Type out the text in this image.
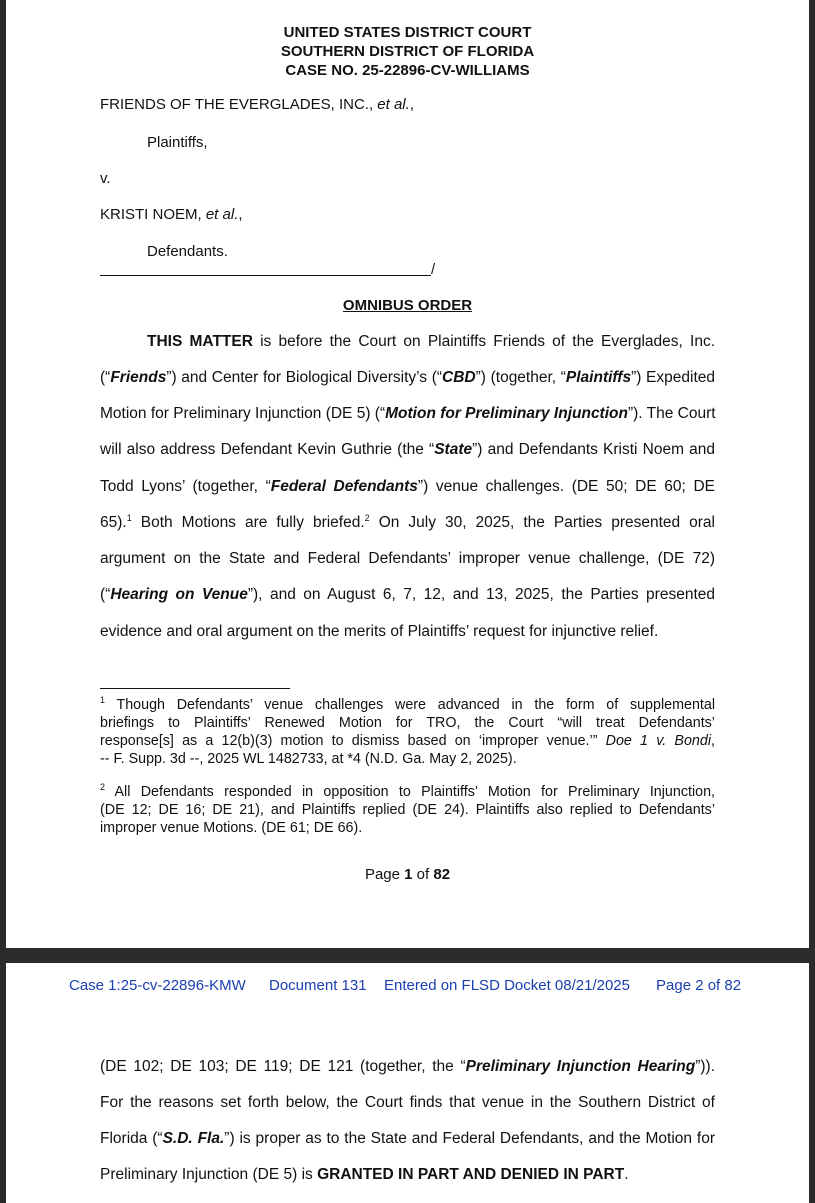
UNITED STATES DISTRICT COURT
SOUTHERN DISTRICT OF FLORIDA
CASE NO. 25-22896-CV-WILLIAMS
FRIENDS OF THE EVERGLADES, INC., et al.,
Plaintiffs,
v.
KRISTI NOEM, et al.,
Defendants.
/
OMNIBUS ORDER
THIS MATTER is before the Court on Plaintiffs Friends of the Everglades, Inc.
(“Friends”) and Center for Biological Diversity’s (“CBD”) (together, “Plaintiffs”) Expedited
Motion for Preliminary Injunction (DE 5) (“Motion for Preliminary Injunction”). The Court
will also address Defendant Kevin Guthrie (the “State”) and Defendants Kristi Noem and
Todd Lyons’ (together, “Federal Defendants”) venue challenges. (DE 50; DE 60; DE
65).$^1$ Both Motions are fully briefed.$^2$ On July 30, 2025, the Parties presented oral
argument on the State and Federal Defendants’ improper venue challenge, (DE 72)
(“Hearing on Venue”), and on August 6, 7, 12, and 13, 2025, the Parties presented
evidence and oral argument on the merits of Plaintiffs’ request for injunctive relief.
$^1$ Though Defendants’ venue challenges were advanced in the form of supplemental
briefings to Plaintiffs’ Renewed Motion for TRO, the Court “will treat Defendants’
response[s] as a 12(b)(3) motion to dismiss based on ‘improper venue.’” Doe 1 v. Bondi,
-- F. Supp. 3d --, 2025 WL 1482733, at *4 (N.D. Ga. May 2, 2025).
$^2$ All Defendants responded in opposition to Plaintiffs’ Motion for Preliminary Injunction,
(DE 12; DE 16; DE 21), and Plaintiffs replied (DE 24). Plaintiffs also replied to Defendants’
improper venue Motions. (DE 61; DE 66).
Page 1 of 82
Case 1:25-cv-22896-KMW Document 131 Entered on FLSD Docket 08/21/2025 Page 2 of 82
(DE 102; DE 103; DE 119; DE 121 (together, the “Preliminary Injunction Hearing”)).
For the reasons set forth below, the Court finds that venue in the Southern District of
Florida (“S.D. Fla.”) is proper as to the State and Federal Defendants, and the Motion for
Preliminary Injunction (DE 5) is GRANTED IN PART AND DENIED IN PART.
